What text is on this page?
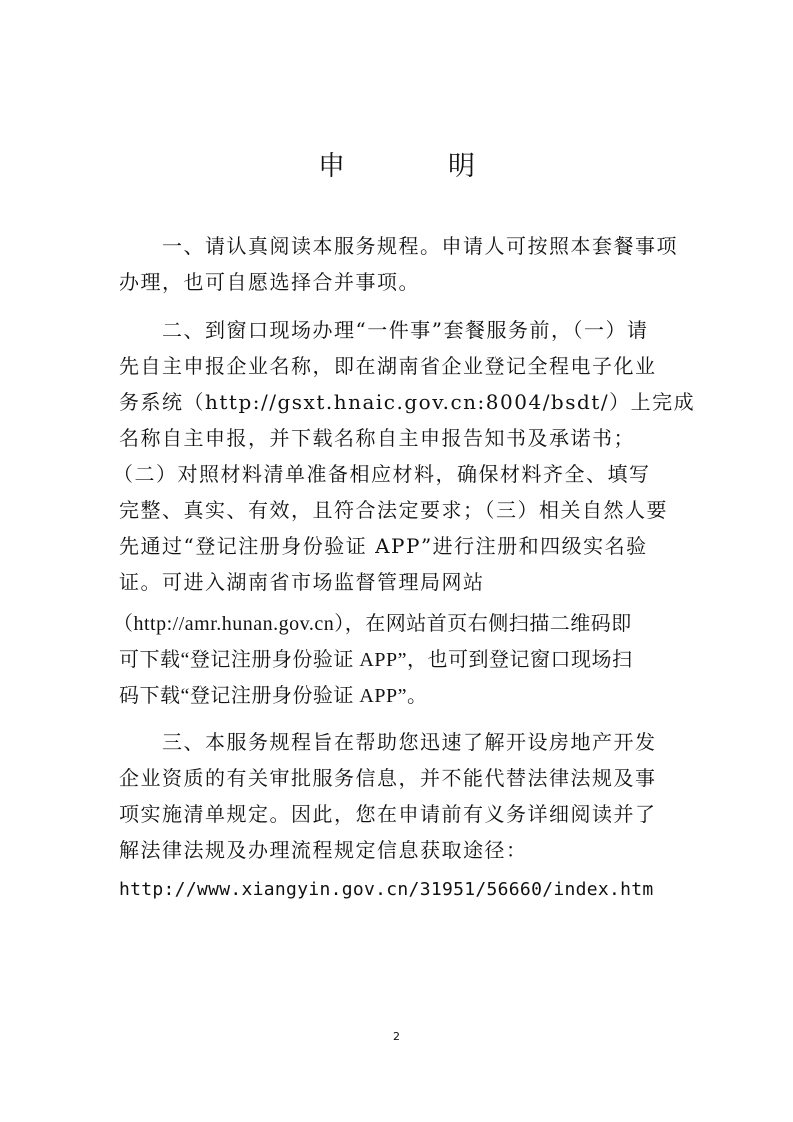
申　明
　　一、请认真阅读本服务规程。申请人可按照本套餐事项
办理，也可自愿选择合并事项。
　　二、到窗口现场办理“一件事”套餐服务前，（一）请
先自主申报企业名称，即在湖南省企业登记全程电子化业
务系统（http://gsxt.hnaic.gov.cn:8004/bsdt/）上完成
名称自主申报，并下载名称自主申报告知书及承诺书；
（二）对照材料清单准备相应材料，确保材料齐全、填写
完整、真实、有效，且符合法定要求；（三）相关自然人要
先通过“登记注册身份验证 APP”进行注册和四级实名验
证。可进入湖南省市场监督管理局网站
（http://amr.hunan.gov.cn），在网站首页右侧扫描二维码即
可下载“登记注册身份验证 APP”，也可到登记窗口现场扫
码下载“登记注册身份验证 APP”。
　　三、本服务规程旨在帮助您迅速了解开设房地产开发
企业资质的有关审批服务信息，并不能代替法律法规及事
项实施清单规定。因此，您在申请前有义务详细阅读并了
解法律法规及办理流程规定信息获取途径：
http://www.xiangyin.gov.cn/31951/56660/index.htm
2
